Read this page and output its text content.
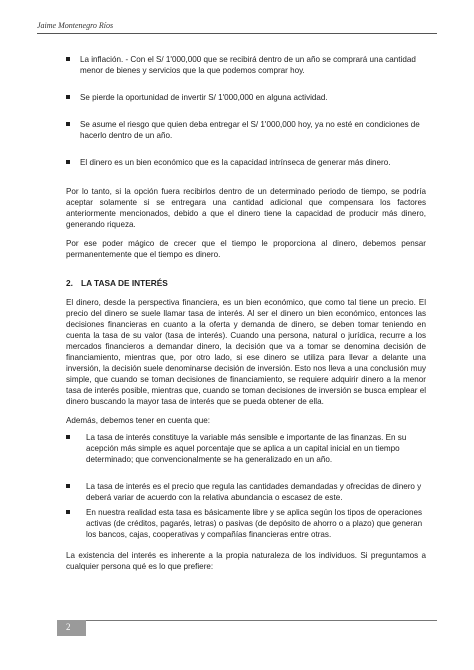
Jaime Montenegro Ríos
La inflación. - Con el S/ 1'000,000 que se recibirá dentro de un año se comprará una cantidad menor de bienes y servicios que la que podemos comprar hoy.
Se pierde la oportunidad de invertir S/ 1'000,000 en alguna actividad.
Se asume el riesgo que quien deba entregar el S/ 1'000,000 hoy, ya no esté en condiciones de hacerlo dentro de un año.
El dinero es un bien económico que es la capacidad intrínseca de generar más dinero.

Por lo tanto, si la opción fuera recibirlos dentro de un determinado periodo de tiempo, se podría aceptar solamente si se entregara una cantidad adicional que compensara los factores anteriormente mencionados, debido a que el dinero tiene la capacidad de producir más dinero, generando riqueza.

Por ese poder mágico de crecer que el tiempo le proporciona al dinero, debemos pensar permanentemente que el tiempo es dinero.

2. LA TASA DE INTERÉS

El dinero, desde la perspectiva financiera, es un bien económico, que como tal tiene un precio. El precio del dinero se suele llamar tasa de interés. Al ser el dinero un bien económico, entonces las decisiones financieras en cuanto a la oferta y demanda de dinero, se deben tomar teniendo en cuenta la tasa de su valor (tasa de interés). Cuando una persona, natural o jurídica, recurre a los mercados financieros a demandar dinero, la decisión que va a tomar se denomina decisión de financiamiento, mientras que, por otro lado, si ese dinero se utiliza para llevar a delante una inversión, la decisión suele denominarse decisión de inversión. Esto nos lleva a una conclusión muy simple, que cuando se toman decisiones de financiamiento, se requiere adquirir dinero a la menor tasa de interés posible, mientras que, cuando se toman decisiones de inversión se busca emplear el dinero buscando la mayor tasa de interés que se pueda obtener de ella.

Además, debemos tener en cuenta que:

La tasa de interés constituye la variable más sensible e importante de las finanzas. En su acepción más simple es aquel porcentaje que se aplica a un capital inicial en un tiempo determinado; que convencionalmente se ha generalizado en un año.
La tasa de interés es el precio que regula las cantidades demandadas y ofrecidas de dinero y deberá variar de acuerdo con la relativa abundancia o escasez de este.
En nuestra realidad esta tasa es básicamente libre y se aplica según los tipos de operaciones activas (de créditos, pagarés, letras) o pasivas (de depósito de ahorro o a plazo) que generan los bancos, cajas, cooperativas y compañías financieras entre otras.

La existencia del interés es inherente a la propia naturaleza de los individuos. Si preguntamos a cualquier persona qué es lo que prefiere:

2
